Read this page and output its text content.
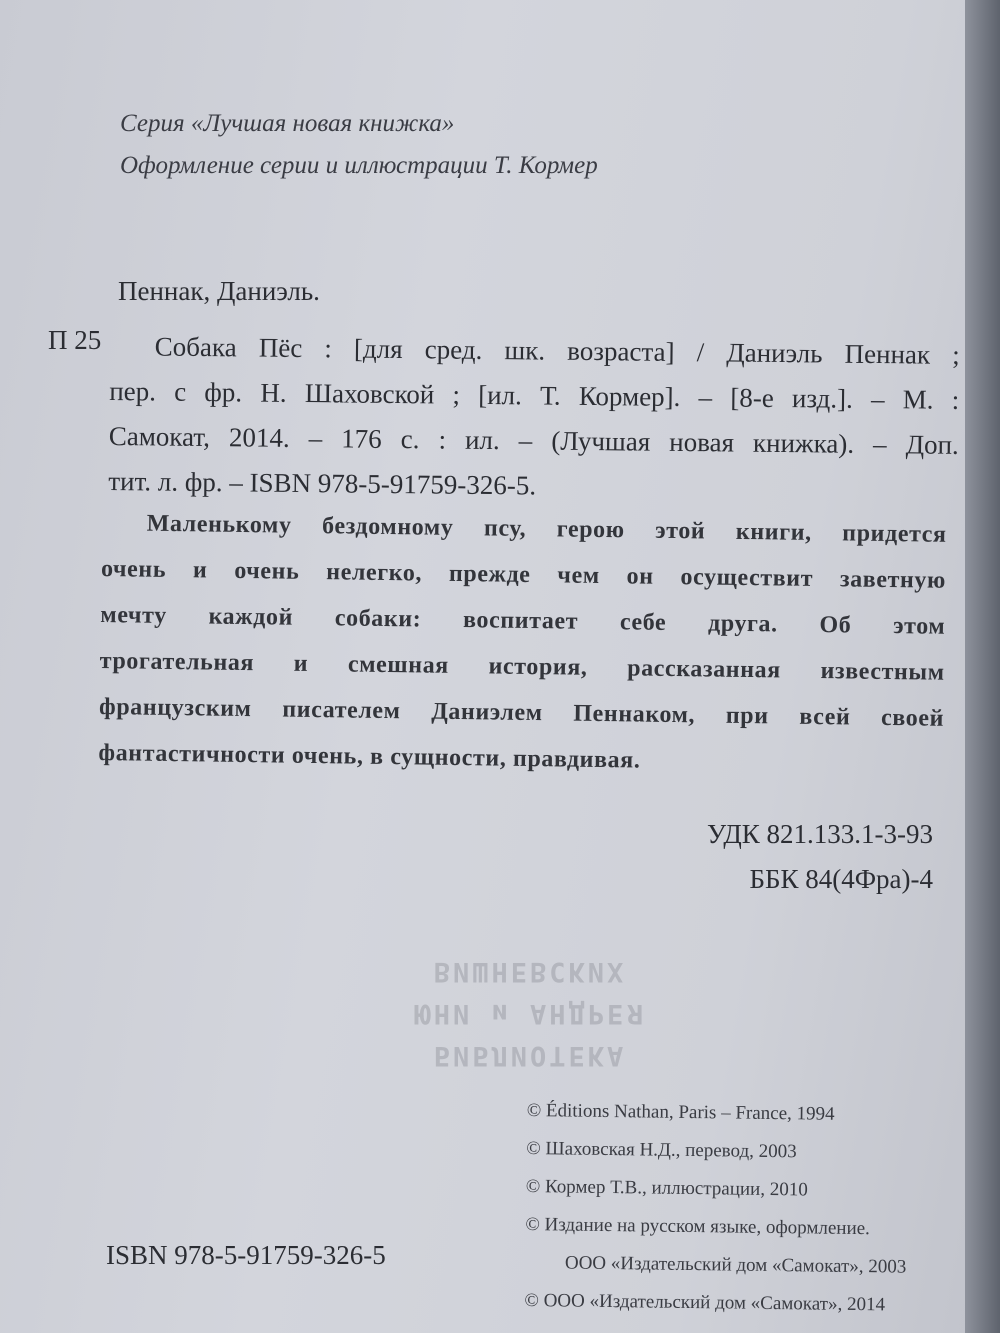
Серия «Лучшая новая книжка»
Оформление серии и иллюстрации Т. Кормер
Пеннак, Даниэль.
П 25	Собака Пёс : [для сред. шк. возраста] / Даниэль Пеннак ;
пер. с фр. Н. Шаховской ; [ил. Т. Кормер]. – [8-е изд.]. – М. :
Самокат, 2014. – 176 с. : ил. – (Лучшая новая книжка). – Доп.
тит. л. фр. – ISBN 978-5-91759-326-5.
Маленькому бездомному псу, герою этой книги, придется
очень и очень нелегко, прежде чем он осуществит заветную
мечту каждой собаки: воспитает себе друга. Об этом
трогательная и смешная история, рассказанная известным
французским писателем Даниэлем Пеннаком, при всей своей
фантастичности очень, в сущности, правдивая.
УДК 821.133.1-3-93
ББК 84(4Фра)-4
БИБЛИОТЕКА
ЮНИ и АНДРЕЯ
ВИШНЕВСКИХ
© Éditions Nathan, Paris – France, 1994
© Шаховская Н.Д., перевод, 2003
© Кормер Т.В., иллюстрации, 2010
© Издание на русском языке, оформление.
ООО «Издательский дом «Самокат», 2003
© ООО «Издательский дом «Самокат», 2014
ISBN 978-5-91759-326-5
